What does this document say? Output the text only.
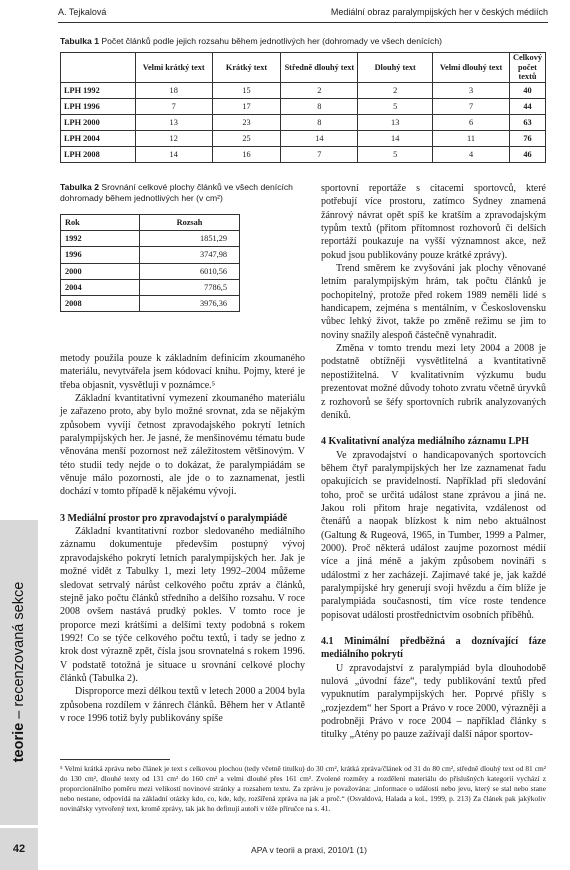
A. Tejkalová	Mediální obraz paralympijských her v českých médiích
teorie – recenzovaná sekce
42
Tabulka 1 Počet článků podle jejich rozsahu během jednotlivých her (dohromady ve všech denících)
	Velmi krátký text	Krátký text	Středně dlouhý text	Dlouhý text	Velmi dlouhý text	Celkový počet textů
LPH 1992	18	15	2	2	3	40
LPH 1996	7	17	8	5	7	44
LPH 2000	13	23	8	13	6	63
LPH 2004	12	25	14	14	11	76
LPH 2008	14	16	7	5	4	46
Tabulka 2 Srovnání celkové plochy článků ve všech denících dohromady během jednotlivých her (v cm²)
Rok	Rozsah
1992	1851,29
1996	3747,98
2000	6010,56
2004	7786,5
2008	3976,36

metody použila pouze k základním definicím zkoumaného materiálu, nevytvářela jsem kódovací knihu. Pojmy, které je třeba objasnit, vysvětluji v poznámce.⁵

Základní kvantitativní vymezení zkoumaného materiálu je zařazeno proto, aby bylo možné srovnat, zda se nějakým způsobem vyvíjí četnost zpravodajského pokrytí letních paralympijských her. Je jasné, že menšinovému tématu bude věnována menší pozornost než záležitostem většinovým. V této studii tedy nejde o to dokázat, že paralympiádám se věnuje málo pozornosti, ale jde o to zaznamenat, jestli dochází v tomto případě k nějakému vývoji.

3 Mediální prostor pro zpravodajství o paralympiádě

Základní kvantitativní rozbor sledovaného mediálního záznamu dokumentuje především postupný vývoj zpravodajského pokrytí letních paralympijských her. Jak je možné vidět z Tabulky 1, mezi lety 1992–2004 můžeme sledovat setrvalý nárůst celkového počtu zpráv a článků, stejně jako počtu článků středního a delšího rozsahu. V roce 2008 ovšem nastává prudký pokles. V tomto roce je proporce mezi krátšími a delšími texty podobná s rokem 1992! Co se týče celkového počtu textů, i tady se jedno z krok dost výrazně zpět, čísla jsou srovnatelná s rokem 1996. V podstatě totožná je situace u srovnání celkové plochy článků (Tabulka 2).

Disproporce mezi délkou textů v letech 2000 a 2004 byla způsobena rozdílem v žánrech článků. Během her v Atlantě v roce 1996 totiž byly publikovány spíše

sportovní reportáže s citacemi sportovců, které potřebují více prostoru, zatímco Sydney znamená žánrový návrat opět spíš ke kratším a zpravodajským typům textů (přitom přítomnost rozhovorů či delších reportáží poukazuje na vyšší významnost akce, než pokud jsou publikovány pouze krátké zprávy).

Trend směrem ke zvyšování jak plochy věnované letním paralympijským hrám, tak počtu článků je pochopitelný, protože před rokem 1989 neměli lidé s handicapem, zejména s mentálním, v Československu vůbec lehký život, takže po změně režimu se jim to noviny snažily alespoň částečně vynahradit.

Změna v tomto trendu mezi lety 2004 a 2008 je podstatně obtížněji vysvětlitelná a kvantitativně nepostižitelná. V kvalitativním výzkumu budu prezentovat možné důvody tohoto zvratu včetně úryvků z rozhovorů se šéfy sportovních rubrik analyzovaných deníků.

4 Kvalitativní analýza mediálního záznamu LPH

Ve zpravodajství o handicapovaných sportovcích během čtyř paralympijských her lze zaznamenat řadu opakujících se pravidelností. Například při sledování toho, proč se určitá událost stane zprávou a jiná ne. Jakou roli přitom hraje negativita, vzdálenost od čtenářů a naopak blízkost k nim nebo aktuálnost (Galtung & Rugeová, 1965, in Tumber, 1999 a Palmer, 2000). Proč některá událost zaujme pozornost médií více a jiná méně a jakým způsobem novináři s událostmi z her zacházejí. Zajímavé také je, jak každé paralympijské hry generují svoji hvězdu a čím blíže je paralympiáda současnosti, tím více roste tendence popisovat události prostřednictvím osobních příběhů.

4.1 Minimální předběžná a doznívající fáze mediálního pokrytí

U zpravodajství z paralympiád byla dlouhodobě nulová „úvodní fáze“, tedy publikování textů před vypuknutím paralympijských her. Poprvé přišly s „rozjezdem“ her Sport a Právo v roce 2000, výrazněji a podrobněji Právo v roce 2004 – například články s titulky „Atény po pauze zažívají další nápor sportov-

⁵ Velmi krátká zpráva nebo článek je text s celkovou plochou (tedy včetně titulku) do 30 cm², krátká zpráva/článek od 31 do 80 cm², středně dlouhý text od 81 cm² do 130 cm², dlouhé texty od 131 cm² do 160 cm² a velmi dlouhé přes 161 cm². Zvolené rozměry a rozdělení materiálu do příslušných kategorií vychází z proporcionálního poměru mezi velikostí novinové stránky a rozsahem textu. Za zprávu je považována: „informace o události nebo jevu, který se stal nebo stane nebo nestane, odpovídá na základní otázky kdo, co, kde, kdy, rozšířená zpráva na jak a proč.“ (Osvaldová, Halada a kol., 1999, p. 213) Za článek pak jakýkoliv novinářsky vytvořený text, kromě zprávy, tak jak ho definují autoři v téže příručce na s. 41.
APA v teorii a praxi, 2010/1 (1)
